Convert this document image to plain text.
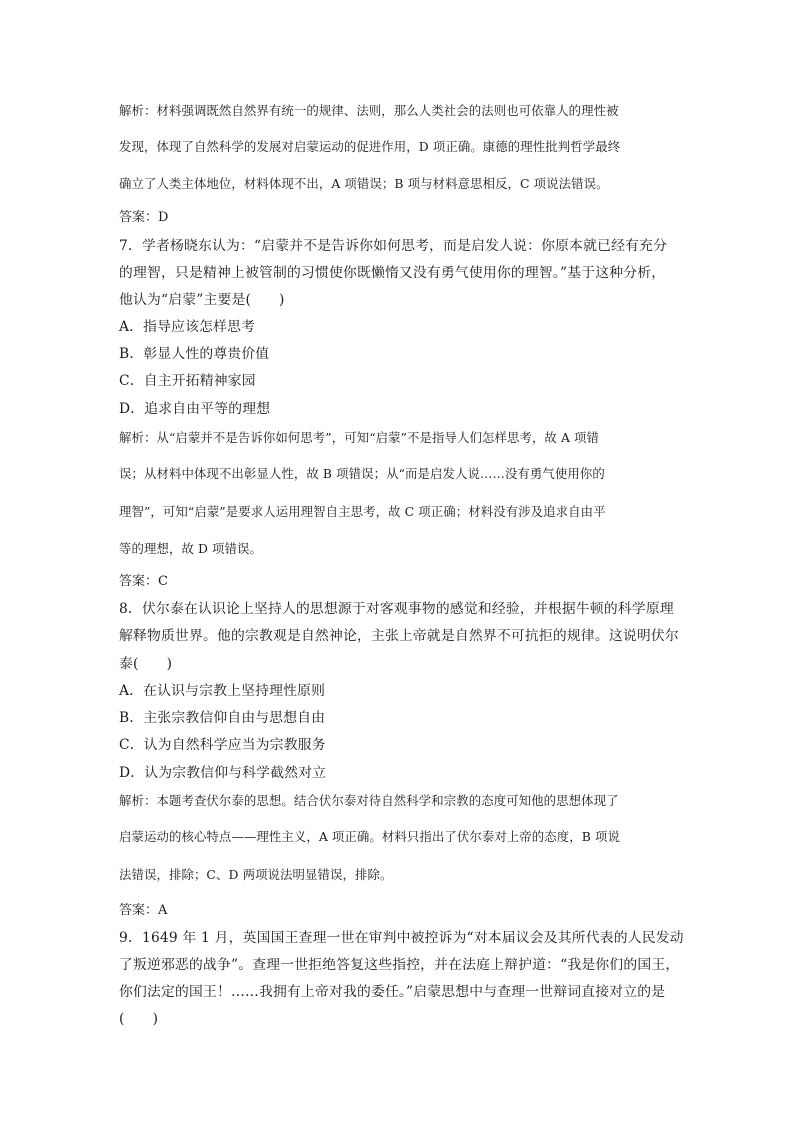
解析：材料强调既然自然界有统一的规律、法则，那么人类社会的法则也可依靠人的理性被
发现，体现了自然科学的发展对启蒙运动的促进作用，D 项正确。康德的理性批判哲学最终
确立了人类主体地位，材料体现不出，A 项错误；B 项与材料意思相反，C 项说法错误。
答案：D
7．学者杨晓东认为：“启蒙并不是告诉你如何思考，而是启发人说：你原本就已经有充分
的理智，只是精神上被管制的习惯使你既懒惰又没有勇气使用你的理智。”基于这种分析，
他认为“启蒙”主要是(　　)
A．指导应该怎样思考
B．彰显人性的尊贵价值
C．自主开拓精神家园
D．追求自由平等的理想
解析：从“启蒙并不是告诉你如何思考”，可知“启蒙”不是指导人们怎样思考，故 A 项错
误；从材料中体现不出彰显人性，故 B 项错误；从“而是启发人说……没有勇气使用你的
理智”，可知“启蒙”是要求人运用理智自主思考，故 C 项正确；材料没有涉及追求自由平
等的理想，故 D 项错误。
答案：C
8．伏尔泰在认识论上坚持人的思想源于对客观事物的感觉和经验，并根据牛顿的科学原理
解释物质世界。他的宗教观是自然神论，主张上帝就是自然界不可抗拒的规律。这说明伏尔
泰(　　)
A．在认识与宗教上坚持理性原则
B．主张宗教信仰自由与思想自由
C．认为自然科学应当为宗教服务
D．认为宗教信仰与科学截然对立
解析：本题考查伏尔泰的思想。结合伏尔泰对待自然科学和宗教的态度可知他的思想体现了
启蒙运动的核心特点——理性主义，A 项正确。材料只指出了伏尔泰对上帝的态度，B 项说
法错误，排除；C、D 两项说法明显错误，排除。
答案：A
9．1649 年 1 月，英国国王查理一世在审判中被控诉为“对本届议会及其所代表的人民发动
了叛逆邪恶的战争”。查理一世拒绝答复这些指控，并在法庭上辩护道：“我是你们的国王，
你们法定的国王！……我拥有上帝对我的委任。”启蒙思想中与查理一世辩词直接对立的是
(　　)
